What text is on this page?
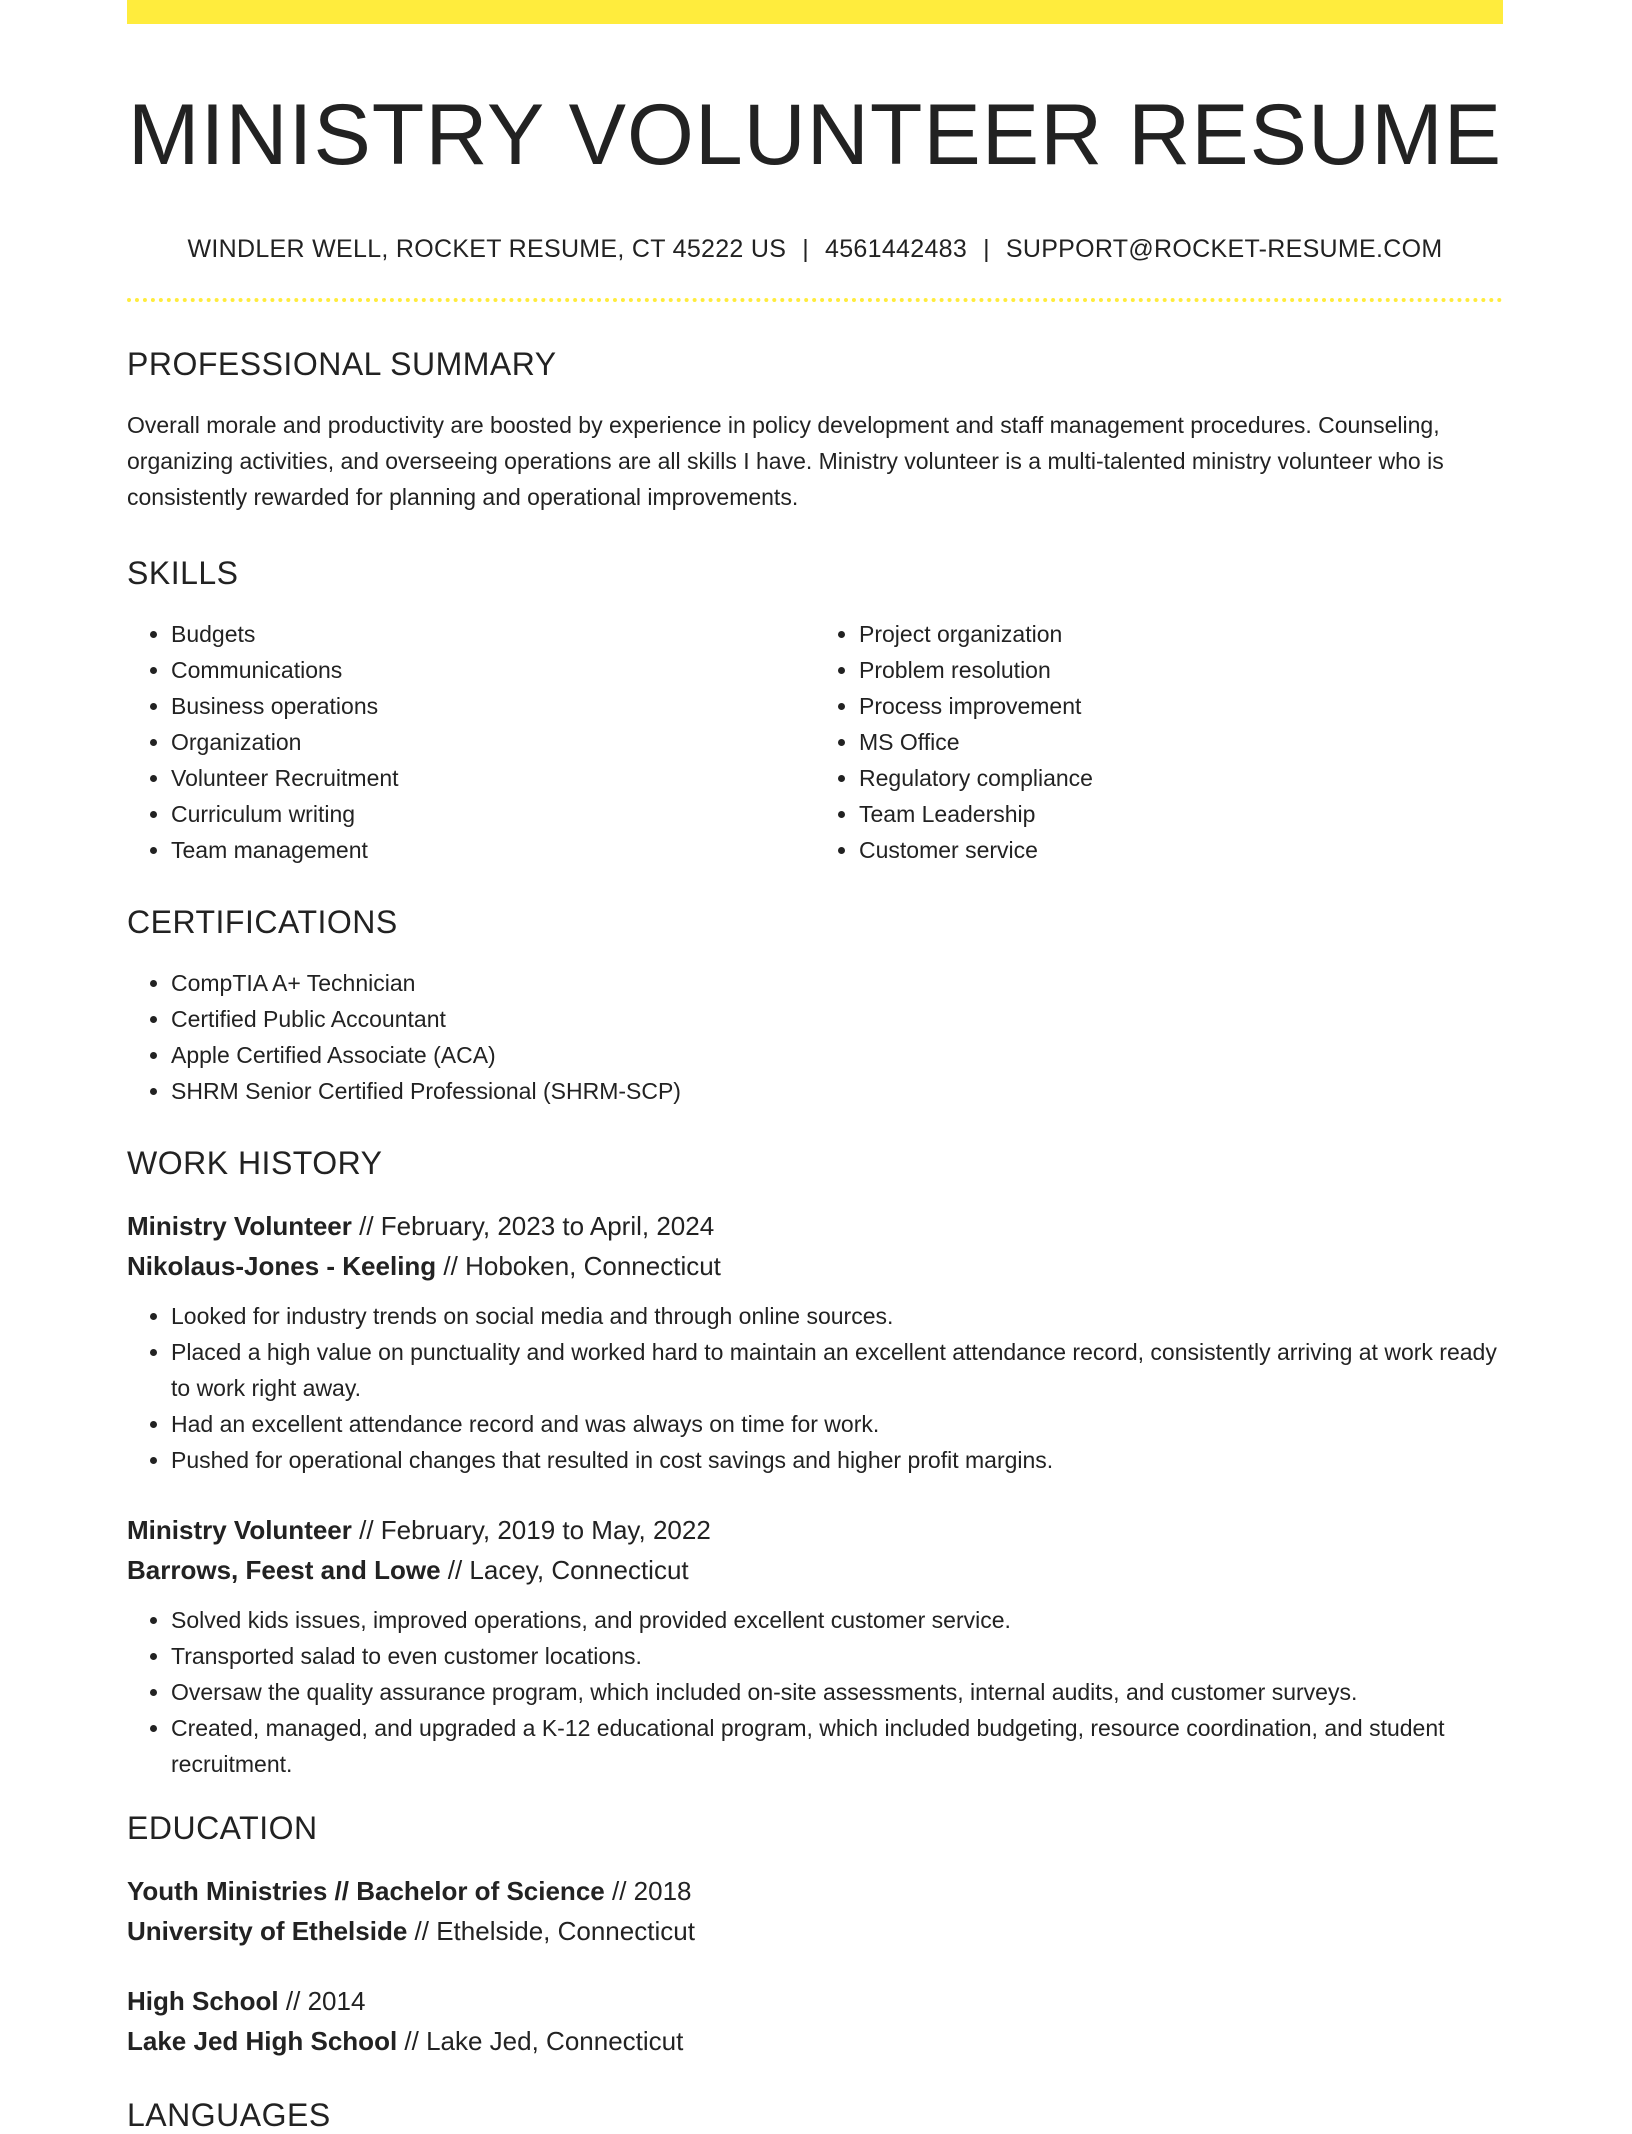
MINISTRY VOLUNTEER RESUME
WINDLER WELL, ROCKET RESUME, CT 45222 US | 4561442483 | SUPPORT@ROCKET-RESUME.COM
PROFESSIONAL SUMMARY
Overall morale and productivity are boosted by experience in policy development and staff management procedures. Counseling, organizing activities, and overseeing operations are all skills I have. Ministry volunteer is a multi-talented ministry volunteer who is consistently rewarded for planning and operational improvements.
SKILLS
• Budgets
• Communications
• Business operations
• Organization
• Volunteer Recruitment
• Curriculum writing
• Team management
• Project organization
• Problem resolution
• Process improvement
• MS Office
• Regulatory compliance
• Team Leadership
• Customer service
CERTIFICATIONS
• CompTIA A+ Technician
• Certified Public Accountant
• Apple Certified Associate (ACA)
• SHRM Senior Certified Professional (SHRM-SCP)
WORK HISTORY
Ministry Volunteer // February, 2023 to April, 2024
Nikolaus-Jones - Keeling // Hoboken, Connecticut
• Looked for industry trends on social media and through online sources.
• Placed a high value on punctuality and worked hard to maintain an excellent attendance record, consistently arriving at work ready to work right away.
• Had an excellent attendance record and was always on time for work.
• Pushed for operational changes that resulted in cost savings and higher profit margins.
Ministry Volunteer // February, 2019 to May, 2022
Barrows, Feest and Lowe // Lacey, Connecticut
• Solved kids issues, improved operations, and provided excellent customer service.
• Transported salad to even customer locations.
• Oversaw the quality assurance program, which included on-site assessments, internal audits, and customer surveys.
• Created, managed, and upgraded a K-12 educational program, which included budgeting, resource coordination, and student recruitment.
EDUCATION
Youth Ministries // Bachelor of Science // 2018
University of Ethelside // Ethelside, Connecticut
High School // 2014
Lake Jed High School // Lake Jed, Connecticut
LANGUAGES
